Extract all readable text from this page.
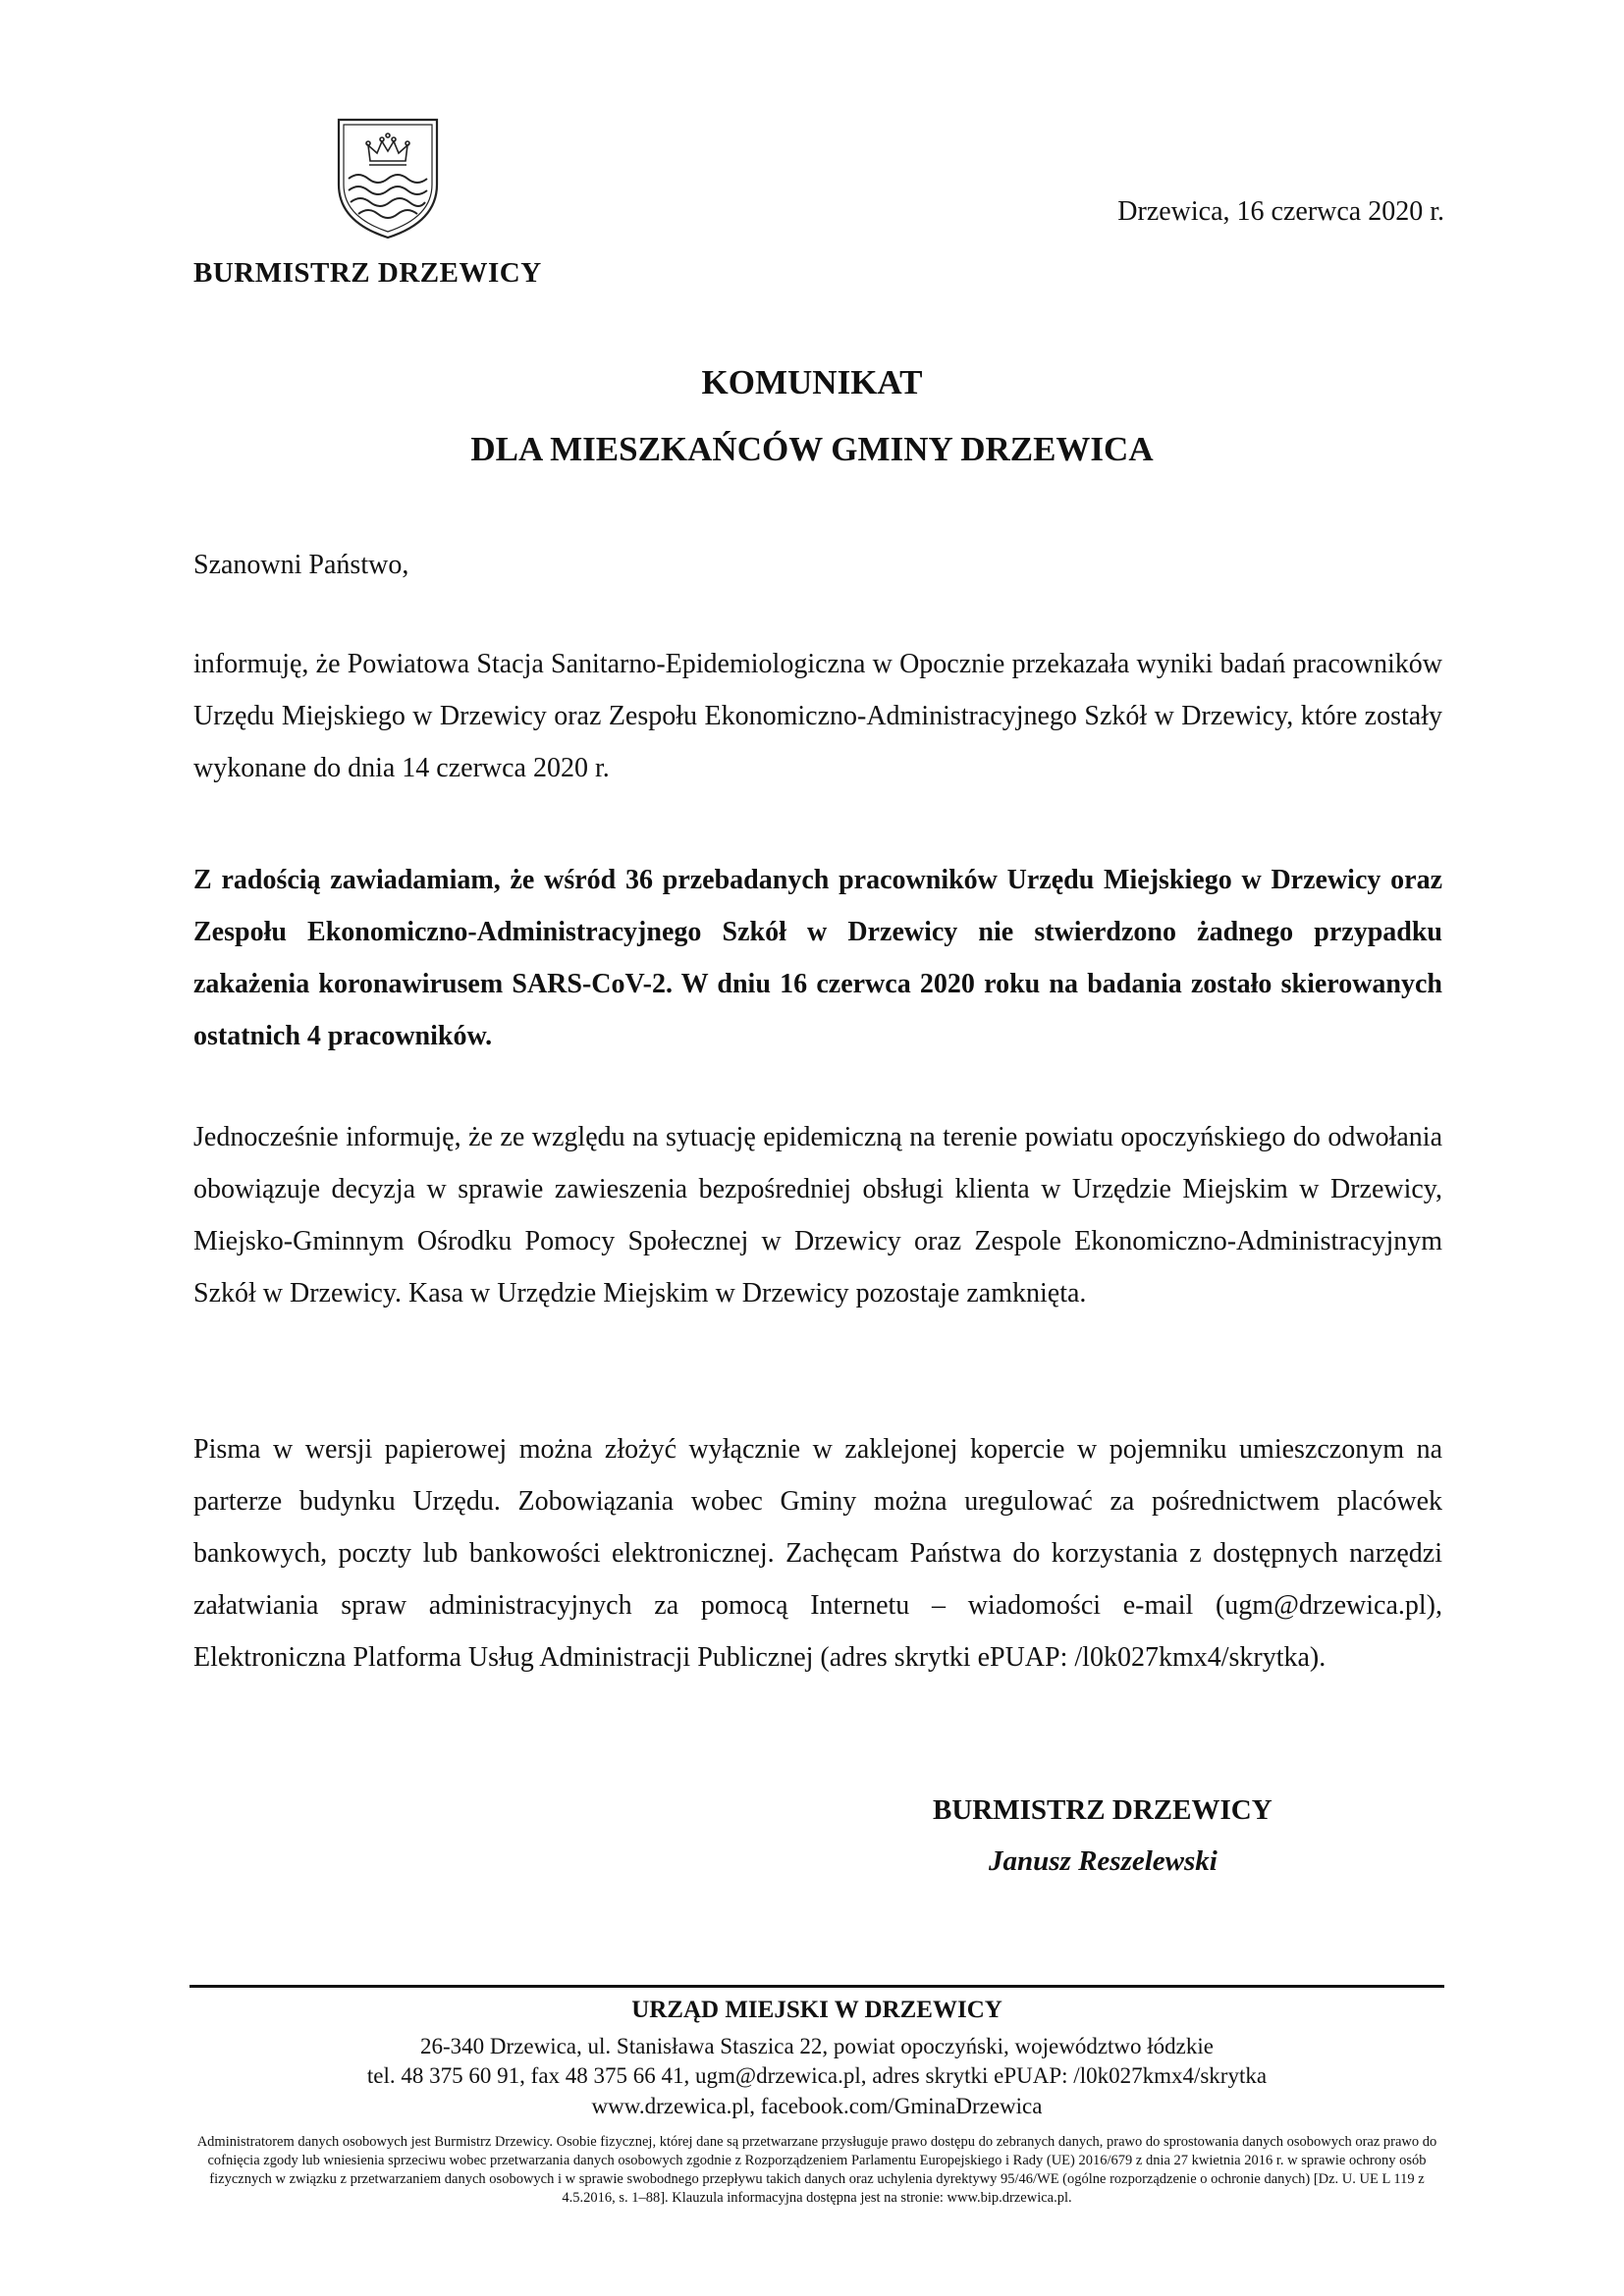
BURMISTRZ DRZEWICY
Drzewica, 16 czerwca 2020 r.
KOMUNIKAT
DLA MIESZKAŃCÓW GMINY DRZEWICA
Szanowni Państwo,
informuję, że Powiatowa Stacja Sanitarno-Epidemiologiczna w Opocznie przekazała wyniki badań pracowników Urzędu Miejskiego w Drzewicy oraz Zespołu Ekonomiczno-Administracyjnego Szkół w Drzewicy, które zostały wykonane do dnia 14 czerwca 2020 r.
Z radością zawiadamiam, że wśród 36 przebadanych pracowników Urzędu Miejskiego w Drzewicy oraz Zespołu Ekonomiczno-Administracyjnego Szkół w Drzewicy nie stwierdzono żadnego przypadku zakażenia koronawirusem SARS-CoV-2. W dniu 16 czerwca 2020 roku na badania zostało skierowanych ostatnich 4 pracowników.
Jednocześnie informuję, że ze względu na sytuację epidemiczną na terenie powiatu opoczyńskiego do odwołania obowiązuje decyzja w sprawie zawieszenia bezpośredniej obsługi klienta w Urzędzie Miejskim w Drzewicy, Miejsko-Gminnym Ośrodku Pomocy Społecznej w Drzewicy oraz Zespole Ekonomiczno-Administracyjnym Szkół w Drzewicy. Kasa w Urzędzie Miejskim w Drzewicy pozostaje zamknięta.
Pisma w wersji papierowej można złożyć wyłącznie w zaklejonej kopercie w pojemniku umieszczonym na parterze budynku Urzędu. Zobowiązania wobec Gminy można uregulować za pośrednictwem placówek bankowych, poczty lub bankowości elektronicznej. Zachęcam Państwa do korzystania z dostępnych narzędzi załatwiania spraw administracyjnych za pomocą Internetu – wiadomości e-mail (ugm@drzewica.pl), Elektroniczna Platforma Usług Administracji Publicznej (adres skrytki ePUAP: /l0k027kmx4/skrytka).
BURMISTRZ DRZEWICY
Janusz Reszelewski
URZĄD MIEJSKI W DRZEWICY
26-340 Drzewica, ul. Stanisława Staszica 22, powiat opoczyński, województwo łódzkie
tel. 48 375 60 91, fax 48 375 66 41, ugm@drzewica.pl, adres skrytki ePUAP: /l0k027kmx4/skrytka
www.drzewica.pl, facebook.com/GminaDrzewica
Administratorem danych osobowych jest Burmistrz Drzewicy. Osobie fizycznej, której dane są przetwarzane przysługuje prawo dostępu do zebranych danych, prawo do sprostowania danych osobowych oraz prawo do cofnięcia zgody lub wniesienia sprzeciwu wobec przetwarzania danych osobowych zgodnie z Rozporządzeniem Parlamentu Europejskiego i Rady (UE) 2016/679 z dnia 27 kwietnia 2016 r. w sprawie ochrony osób fizycznych w związku z przetwarzaniem danych osobowych i w sprawie swobodnego przepływu takich danych oraz uchylenia dyrektywy 95/46/WE (ogólne rozporządzenie o ochronie danych) [Dz. U. UE L 119 z 4.5.2016, s. 1–88]. Klauzula informacyjna dostępna jest na stronie: www.bip.drzewica.pl.
